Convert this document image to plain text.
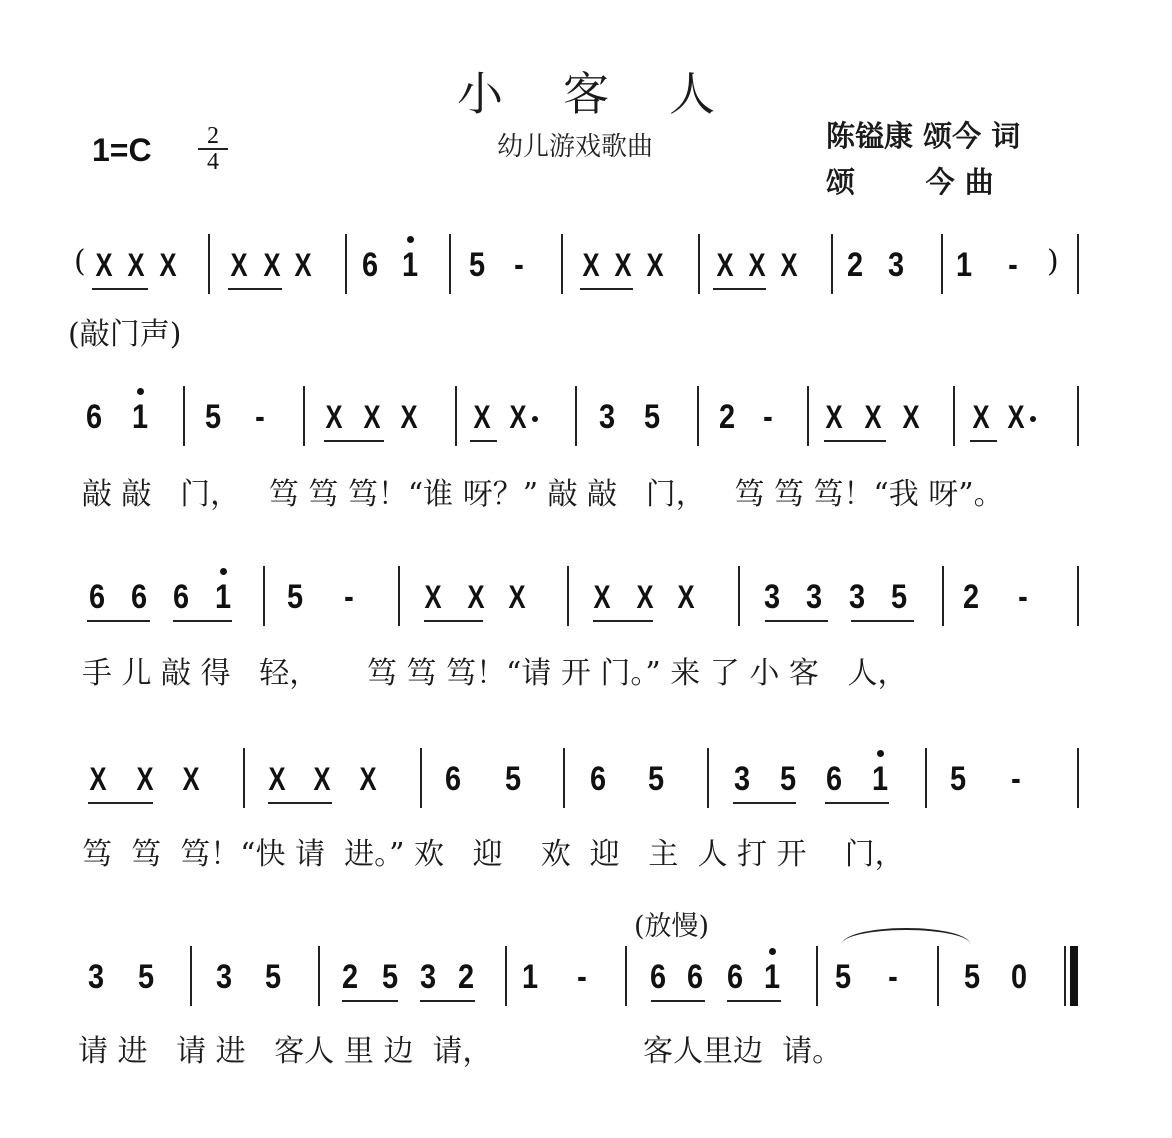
小客人
幼儿游戏歌曲
$1=C \frac{2}{4}$	陈镒康 颂今 词
颂       今 曲
( X X X X X X 6 1 5 - X X X X X X 2 3 1 - )
6 1 5 - X X X X X 3 5 2 - X X X X X
6 6 6 1 5 - X X X X X X 3 3 3 5 2 -
X X X X X X 6 5 6 5 3 5 6 1 5 -
3 5 3 5 2 5 3 2 1 - 6 6 6 1 5 - 5 0
(敲门声)
敲 敲   门，   笃 笃 笃！“谁 呀？” 敲 敲   门，   笃 笃 笃！“我 呀”。
手 儿 敲 得   轻，     笃 笃 笃！“请 开 门。” 来 了 小 客   人，
笃  笃  笃！“快 请  进。” 欢   迎    欢  迎   主  人 打 开    门，
请 进   请 进   客人 里 边  请，	客人里边  请。
(放慢)
